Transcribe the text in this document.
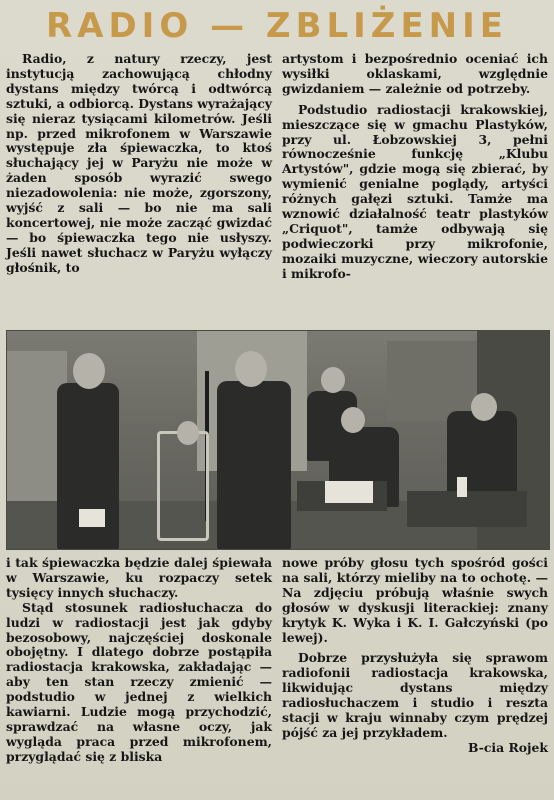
RADIO — ZBLIŻENIE

Radio, z natury rzeczy, jest instytucją zachowującą chłodny dystans między twórcą i odtwórcą sztuki, a odbiorcą. Dystans wyrażający się nieraz tysiącami kilometrów. Jeśli np. przed mikrofonem w Warszawie występuje zła śpiewaczka, to ktoś słuchający jej w Paryżu nie może w żaden sposób wyrazić swego niezadowolenia: nie może, zgorszony, wyjść z sali — bo nie ma sali koncertowej, nie może zacząć gwizdać — bo śpiewaczka tego nie usłyszy. Jeśli nawet słuchacz w Paryżu wyłączy głośnik, to

artystom i bezpośrednio oceniać ich wysiłki oklaskami, względnie gwizdaniem — zależnie od potrzeby.

Podstudio radiostacji krakowskiej, mieszczące się w gmachu Plastyków, przy ul. Łobzowskiej 3, pełni równocześnie funkcję „Klubu Artystów", gdzie mogą się zbierać, by wymienić genialne poglądy, artyści różnych gałęzi sztuki. Tamże ma wznowić działalność teatr plastyków „Criquot", tamże odbywają się podwieczorki przy mikrofonie, mozaiki muzyczne, wieczory autorskie i mikrofo-

i tak śpiewaczka będzie dalej śpiewała w Warszawie, ku rozpaczy setek tysięcy innych słuchaczy.

Stąd stosunek radiosłuchacza do ludzi w radiostacji jest jak gdyby bezosobowy, najczęściej doskonale obojętny. I dlatego dobrze postąpiła radiostacja krakowska, zakładając — aby ten stan rzeczy zmienić — podstudio w jednej z wielkich kawiarni. Ludzie mogą przychodzić, sprawdzać na własne oczy, jak wygląda praca przed mikrofonem, przyglądać się z bliska

nowe próby głosu tych spośród gości na sali, którzy mieliby na to ochotę. — Na zdjęciu próbują właśnie swych głosów w dyskusji literackiej: znany krytyk K. Wyka i K. I. Gałczyński (po lewej).

Dobrze przysłużyła się sprawom radiofonii radiostacja krakowska, likwidując dystans między radiosłuchaczem i studio i reszta stacji w kraju winnaby czym prędzej pójść za jej przykładem.

B-cia Rojek
